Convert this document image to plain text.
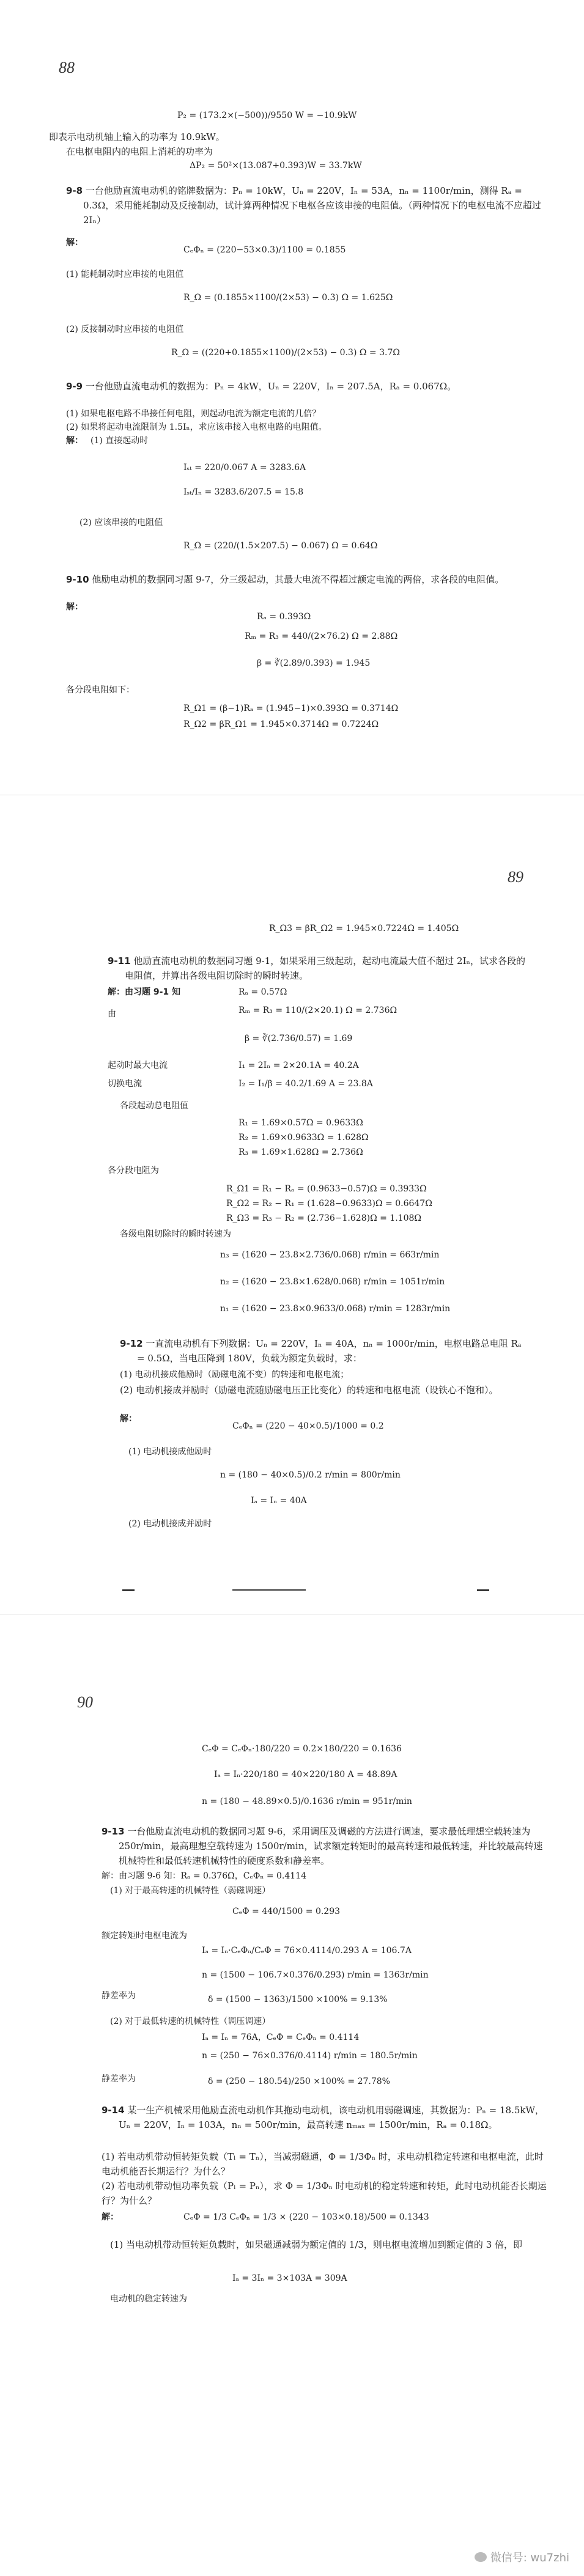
88
P₂ = (173.2×(−500))/9550 W = −10.9kW
即表示电动机轴上输入的功率为 10.9kW。
在电枢电阻内的电阻上消耗的功率为
ΔP₂ = 50²×(13.087+0.393)W = 33.7kW
9-8 一台他励直流电动机的铭牌数据为：Pₙ = 10kW，Uₙ = 220V，Iₙ = 53A，nₙ = 1100r/min，测得 Rₐ = 0.3Ω，采用能耗制动及反接制动，试计算两种情况下电枢各应该串接的电阻值。（两种情况下的电枢电流不应超过 2Iₙ）
解：
CₑΦₙ = (220−53×0.3)/1100 = 0.1855
(1) 能耗制动时应串接的电阻值
R_Ω = (0.1855×1100/(2×53) − 0.3) Ω = 1.625Ω
(2) 反接制动时应串接的电阻值
R_Ω = ((220+0.1855×1100)/(2×53) − 0.3) Ω = 3.7Ω
9-9 一台他励直流电动机的数据为：Pₙ = 4kW，Uₙ = 220V，Iₙ = 207.5A，Rₐ = 0.067Ω。
(1) 如果电枢电路不串接任何电阻，则起动电流为额定电流的几倍？
(2) 如果将起动电流限制为 1.5Iₙ，求应该串接入电枢电路的电阻值。
解： (1) 直接起动时
Iₛₜ = 220/0.067 A = 3283.6A
Iₛₜ/Iₙ = 3283.6/207.5 = 15.8
(2) 应该串接的电阻值
R_Ω = (220/(1.5×207.5) − 0.067) Ω = 0.64Ω
9-10 他励电动机的数据同习题 9-7，分三级起动，其最大电流不得超过额定电流的两倍，求各段的电阻值。
解：
Rₐ = 0.393Ω
Rₘ = R₃ = 440/(2×76.2) Ω = 2.88Ω
β = ∛(2.89/0.393) = 1.945
各分段电阻如下：
R_Ω1 = (β−1)Rₐ = (1.945−1)×0.393Ω = 0.3714Ω
R_Ω2 = βR_Ω1 = 1.945×0.3714Ω = 0.7224Ω
89
R_Ω3 = βR_Ω2 = 1.945×0.7224Ω = 1.405Ω
9-11 他励直流电动机的数据同习题 9-1，如果采用三级起动，起动电流最大值不超过 2Iₙ，试求各段的电阻值，并算出各级电阻切除时的瞬时转速。
解：由习题 9-1 知	Rₐ = 0.57Ω
由	Rₘ = R₃ = 110/(2×20.1) Ω = 2.736Ω
β = ∛(2.736/0.57) = 1.69
起动时最大电流	I₁ = 2Iₙ = 2×20.1A = 40.2A
切换电流	I₂ = I₁/β = 40.2/1.69 A = 23.8A
各段起动总电阻值
R₁ = 1.69×0.57Ω = 0.9633Ω
R₂ = 1.69×0.9633Ω = 1.628Ω
R₃ = 1.69×1.628Ω = 2.736Ω
各分段电阻为
R_Ω1 = R₁ − Rₐ = (0.9633−0.57)Ω = 0.3933Ω
R_Ω2 = R₂ − R₁ = (1.628−0.9633)Ω = 0.6647Ω
R_Ω3 = R₃ − R₂ = (2.736−1.628)Ω = 1.108Ω
各级电阻切除时的瞬时转速为
n₃ = (1620 − 23.8×2.736/0.068) r/min = 663r/min
n₂ = (1620 − 23.8×1.628/0.068) r/min = 1051r/min
n₁ = (1620 − 23.8×0.9633/0.068) r/min = 1283r/min
9-12 一直流电动机有下列数据：Uₙ = 220V，Iₙ = 40A，nₙ = 1000r/min，电枢电路总电阻 Rₐ = 0.5Ω，当电压降到 180V，负载为额定负载时，求：
(1) 电动机接成他励时（励磁电流不变）的转速和电枢电流；
(2) 电动机接成并励时（励磁电流随励磁电压正比变化）的转速和电枢电流（设铁心不饱和）。
解：
CₑΦₙ = (220 − 40×0.5)/1000 = 0.2
(1) 电动机接成他励时
n = (180 − 40×0.5)/0.2 r/min = 800r/min
Iₐ = Iₙ = 40A
(2) 电动机接成并励时
90
CₑΦ = CₑΦₙ·180/220 = 0.2×180/220 = 0.1636
Iₐ = Iₙ·220/180 = 40×220/180 A = 48.89A
n = (180 − 48.89×0.5)/0.1636 r/min = 951r/min
9-13 一台他励直流电动机的数据同习题 9-6，采用调压及调磁的方法进行调速，要求最低理想空载转速为 250r/min，最高理想空载转速为 1500r/min，试求额定转矩时的最高转速和最低转速，并比较最高转速机械特性和最低转速机械特性的硬度系数和静差率。
解：由习题 9-6 知：Rₐ = 0.376Ω，CₑΦₙ = 0.4114
(1) 对于最高转速的机械特性（弱磁调速）
CₑΦ = 440/1500 = 0.293
额定转矩时电枢电流为
Iₐ = Iₙ·CₑΦₙ/CₑΦ = 76×0.4114/0.293 A = 106.7A
n = (1500 − 106.7×0.376/0.293) r/min = 1363r/min
静差率为	δ = (1500 − 1363)/1500 ×100% = 9.13%
(2) 对于最低转速的机械特性（调压调速）
Iₐ = Iₙ = 76A，CₑΦ = CₑΦₙ = 0.4114
n = (250 − 76×0.376/0.4114) r/min = 180.5r/min
静差率为	δ = (250 − 180.54)/250 ×100% = 27.78%
9-14 某一生产机械采用他励直流电动机作其拖动电动机，该电动机用弱磁调速，其数据为：Pₙ = 18.5kW，Uₙ = 220V，Iₙ = 103A，nₙ = 500r/min，最高转速 nₘₐₓ = 1500r/min，Rₐ = 0.18Ω。
(1) 若电动机带动恒转矩负载（Tₗ = Tₙ），当减弱磁通，Φ = 1/3Φₙ 时，求电动机稳定转速和电枢电流，此时电动机能否长期运行？为什么？
(2) 若电动机带动恒功率负载（Pₗ = Pₙ），求 Φ = 1/3Φₙ 时电动机的稳定转速和转矩，此时电动机能否长期运行？为什么？
解：	CₑΦ = 1/3 CₑΦₙ = 1/3 × (220 − 103×0.18)/500 = 0.1343
(1) 当电动机带动恒转矩负载时，如果磁通减弱为额定值的 1/3，则电枢电流增加到额定值的 3 倍，即
Iₐ = 3Iₙ = 3×103A = 309A
电动机的稳定转速为
微信号: wu7zhi
